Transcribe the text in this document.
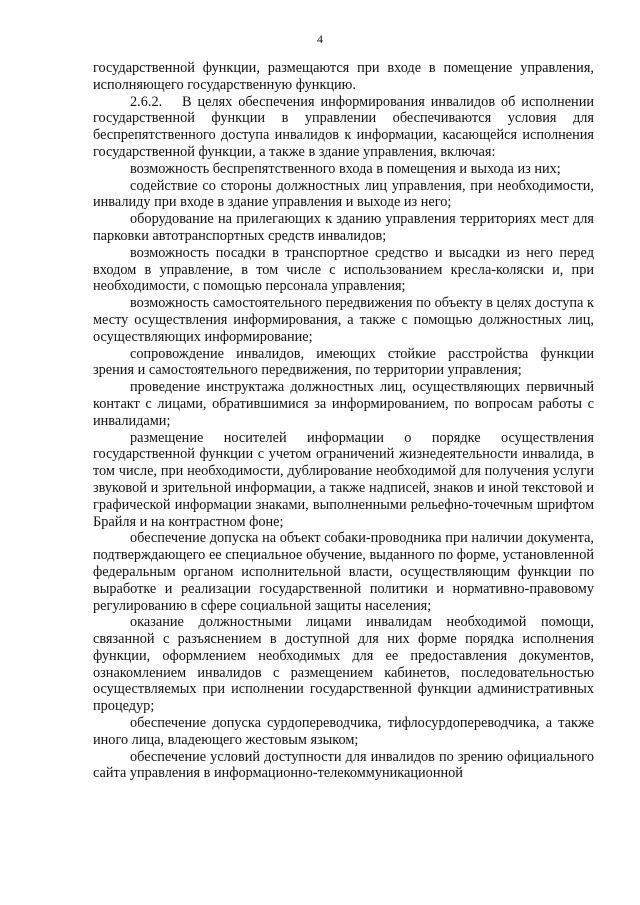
4

государственной функции, размещаются при входе в помещение управления, исполняющего государственную функцию.

2.6.2. В целях обеспечения информирования инвалидов об исполнении государственной функции в управлении обеспечиваются условия для беспрепятственного доступа инвалидов к информации, касающейся исполнения государственной функции, а также в здание управления, включая:

возможность беспрепятственного входа в помещения и выхода из них;

содействие со стороны должностных лиц управления, при необходимости, инвалиду при входе в здание управления и выходе из него;

оборудование на прилегающих к зданию управления территориях мест для парковки автотранспортных средств инвалидов;

возможность посадки в транспортное средство и высадки из него перед входом в управление, в том числе с использованием кресла-коляски и, при необходимости, с помощью персонала управления;

возможность самостоятельного передвижения по объекту в целях доступа к месту осуществления информирования, а также с помощью должностных лиц, осуществляющих информирование;

сопровождение инвалидов, имеющих стойкие расстройства функции зрения и самостоятельного передвижения, по территории управления;

проведение инструктажа должностных лиц, осуществляющих первичный контакт с лицами, обратившимися за информированием, по вопросам работы с инвалидами;

размещение носителей информации о порядке осуществления государственной функции с учетом ограничений жизнедеятельности инвалида, в том числе, при необходимости, дублирование необходимой для получения услуги звуковой и зрительной информации, а также надписей, знаков и иной текстовой и графической информации знаками, выполненными рельефно-точечным шрифтом Брайля и на контрастном фоне;

обеспечение допуска на объект собаки-проводника при наличии документа, подтверждающего ее специальное обучение, выданного по форме, установленной федеральным органом исполнительной власти, осуществляющим функции по выработке и реализации государственной политики и нормативно-правовому регулированию в сфере социальной защиты населения;

оказание должностными лицами инвалидам необходимой помощи, связанной с разъяснением в доступной для них форме порядка исполнения функции, оформлением необходимых для ее предоставления документов, ознакомлением инвалидов с размещением кабинетов, последовательностью осуществляемых при исполнении государственной функции административных процедур;

обеспечение допуска сурдопереводчика, тифлосурдопереводчика, а также иного лица, владеющего жестовым языком;

обеспечение условий доступности для инвалидов по зрению официального сайта управления в информационно-телекоммуникационной
